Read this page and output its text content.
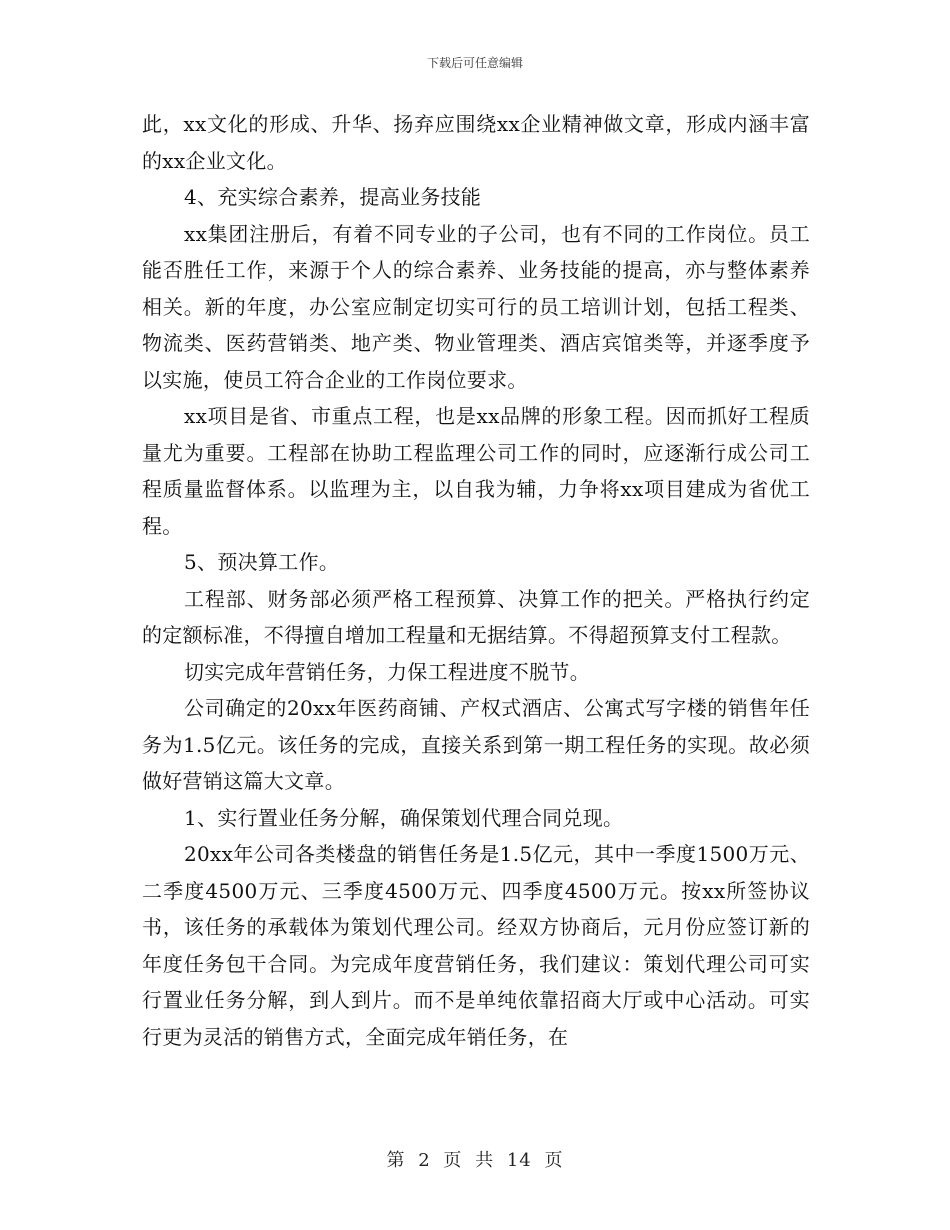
下载后可任意编辑

此，xx文化的形成、升华、扬弃应围绕xx企业精神做文章，形成内涵丰富的xx企业文化。

4、充实综合素养，提高业务技能

xx集团注册后，有着不同专业的子公司，也有不同的工作岗位。员工能否胜任工作，来源于个人的综合素养、业务技能的提高，亦与整体素养相关。新的年度，办公室应制定切实可行的员工培训计划，包括工程类、物流类、医药营销类、地产类、物业管理类、酒店宾馆类等，并逐季度予以实施，使员工符合企业的工作岗位要求。

xx项目是省、市重点工程，也是xx品牌的形象工程。因而抓好工程质量尤为重要。工程部在协助工程监理公司工作的同时，应逐渐行成公司工程质量监督体系。以监理为主，以自我为辅，力争将xx项目建成为省优工程。

5、预决算工作。

工程部、财务部必须严格工程预算、决算工作的把关。严格执行约定的定额标准，不得擅自增加工程量和无据结算。不得超预算支付工程款。

切实完成年营销任务，力保工程进度不脱节。

公司确定的20xx年医药商铺、产权式酒店、公寓式写字楼的销售年任务为1.5亿元。该任务的完成，直接关系到第一期工程任务的实现。故必须做好营销这篇大文章。

1、实行置业任务分解，确保策划代理合同兑现。

20xx年公司各类楼盘的销售任务是1.5亿元，其中一季度1500万元、二季度4500万元、三季度4500万元、四季度4500万元。按xx所签协议书，该任务的承载体为策划代理公司。经双方协商后，元月份应签订新的年度任务包干合同。为完成年度营销任务，我们建议：策划代理公司可实行置业任务分解，到人到片。而不是单纯依靠招商大厅或中心活动。可实行更为灵活的销售方式，全面完成年销任务，在

第 2 页 共 14 页
